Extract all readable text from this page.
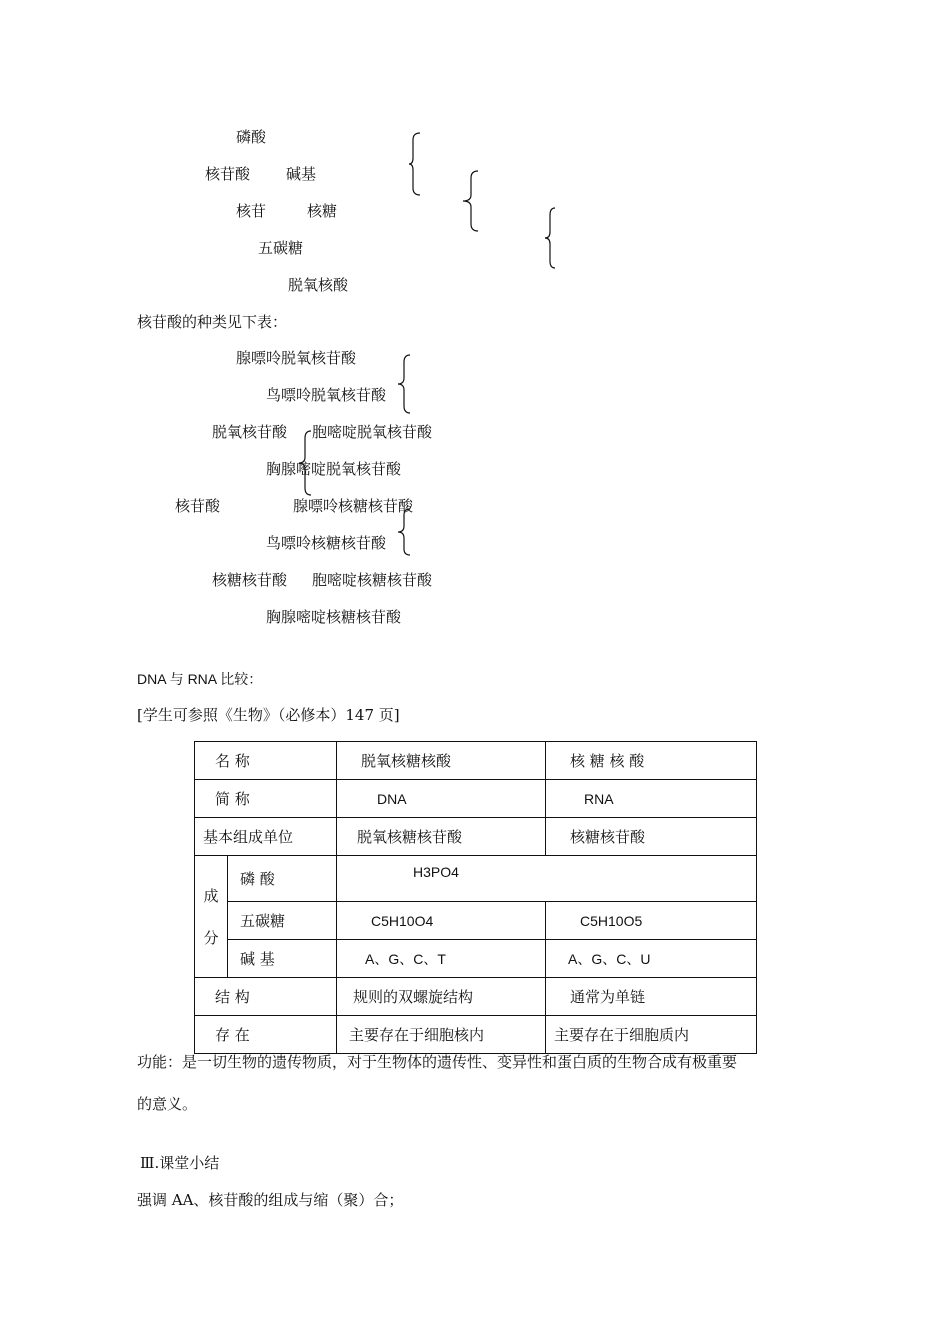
磷酸
核苷酸 碱基
核苷	核糖
五碳糖
脱氧核酸
核苷酸的种类见下表：
腺嘌呤脱氧核苷酸
鸟嘌呤脱氧核苷酸
脱氧核苷酸 胞嘧啶脱氧核苷酸
胸腺嘧啶脱氧核苷酸
核苷酸	腺嘌呤核糖核苷酸
鸟嘌呤核糖核苷酸
核糖核苷酸 胞嘧啶核糖核苷酸
胸腺嘧啶核糖核苷酸
DNA 与 RNA 比较：
[学生可参照《生物》（必修本）147 页]
名 称		脱氧核糖核酸	核 糖 核 酸
简 称		DNA	RNA
基本组成单位		脱氧核糖核苷酸	核糖核苷酸

成
分	磷 酸	H3PO4	
	五碳糖	C5H10O4	C5H10O5
	碱 基	A、G、C、T	A、G、C、U
结 构		规则的双螺旋结构	通常为单链
存 在		主要存在于细胞核内	主要存在于细胞质内
功能：是一切生物的遗传物质，对于生物体的遗传性、变异性和蛋白质的生物合成有极重要
的意义。
Ⅲ.课堂小结
强调 AA、核苷酸的组成与缩（聚）合；
